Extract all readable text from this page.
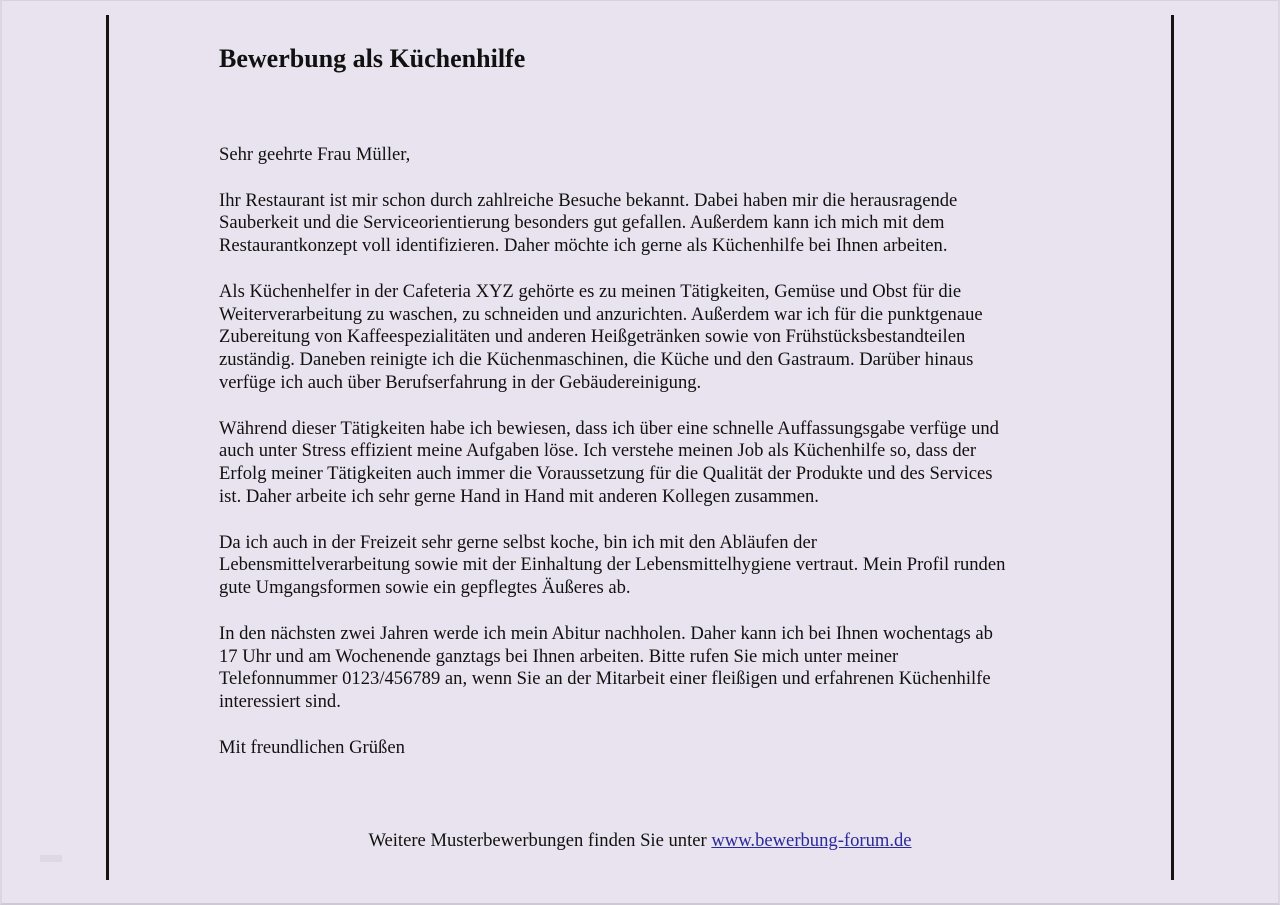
Bewerbung als Küchenhilfe

Sehr geehrte Frau Müller,

Ihr Restaurant ist mir schon durch zahlreiche Besuche bekannt. Dabei haben mir die herausragende
Sauberkeit und die Serviceorientierung besonders gut gefallen. Außerdem kann ich mich mit dem
Restaurantkonzept voll identifizieren. Daher möchte ich gerne als Küchenhilfe bei Ihnen arbeiten.

Als Küchenhelfer in der Cafeteria XYZ gehörte es zu meinen Tätigkeiten, Gemüse und Obst für die
Weiterverarbeitung zu waschen, zu schneiden und anzurichten. Außerdem war ich für die punktgenaue
Zubereitung von Kaffeespezialitäten und anderen Heißgetränken sowie von Frühstücksbestandteilen
zuständig. Daneben reinigte ich die Küchenmaschinen, die Küche und den Gastraum. Darüber hinaus
verfüge ich auch über Berufserfahrung in der Gebäudereinigung.

Während dieser Tätigkeiten habe ich bewiesen, dass ich über eine schnelle Auffassungsgabe verfüge und
auch unter Stress effizient meine Aufgaben löse. Ich verstehe meinen Job als Küchenhilfe so, dass der
Erfolg meiner Tätigkeiten auch immer die Voraussetzung für die Qualität der Produkte und des Services
ist. Daher arbeite ich sehr gerne Hand in Hand mit anderen Kollegen zusammen.

Da ich auch in der Freizeit sehr gerne selbst koche, bin ich mit den Abläufen der
Lebensmittelverarbeitung sowie mit der Einhaltung der Lebensmittelhygiene vertraut. Mein Profil runden
gute Umgangsformen sowie ein gepflegtes Äußeres ab.

In den nächsten zwei Jahren werde ich mein Abitur nachholen. Daher kann ich bei Ihnen wochentags ab
17 Uhr und am Wochenende ganztags bei Ihnen arbeiten. Bitte rufen Sie mich unter meiner
Telefonnummer 0123/456789 an, wenn Sie an der Mitarbeit einer fleißigen und erfahrenen Küchenhilfe
interessiert sind.

Mit freundlichen Grüßen

Weitere Musterbewerbungen finden Sie unter www.bewerbung-forum.de
